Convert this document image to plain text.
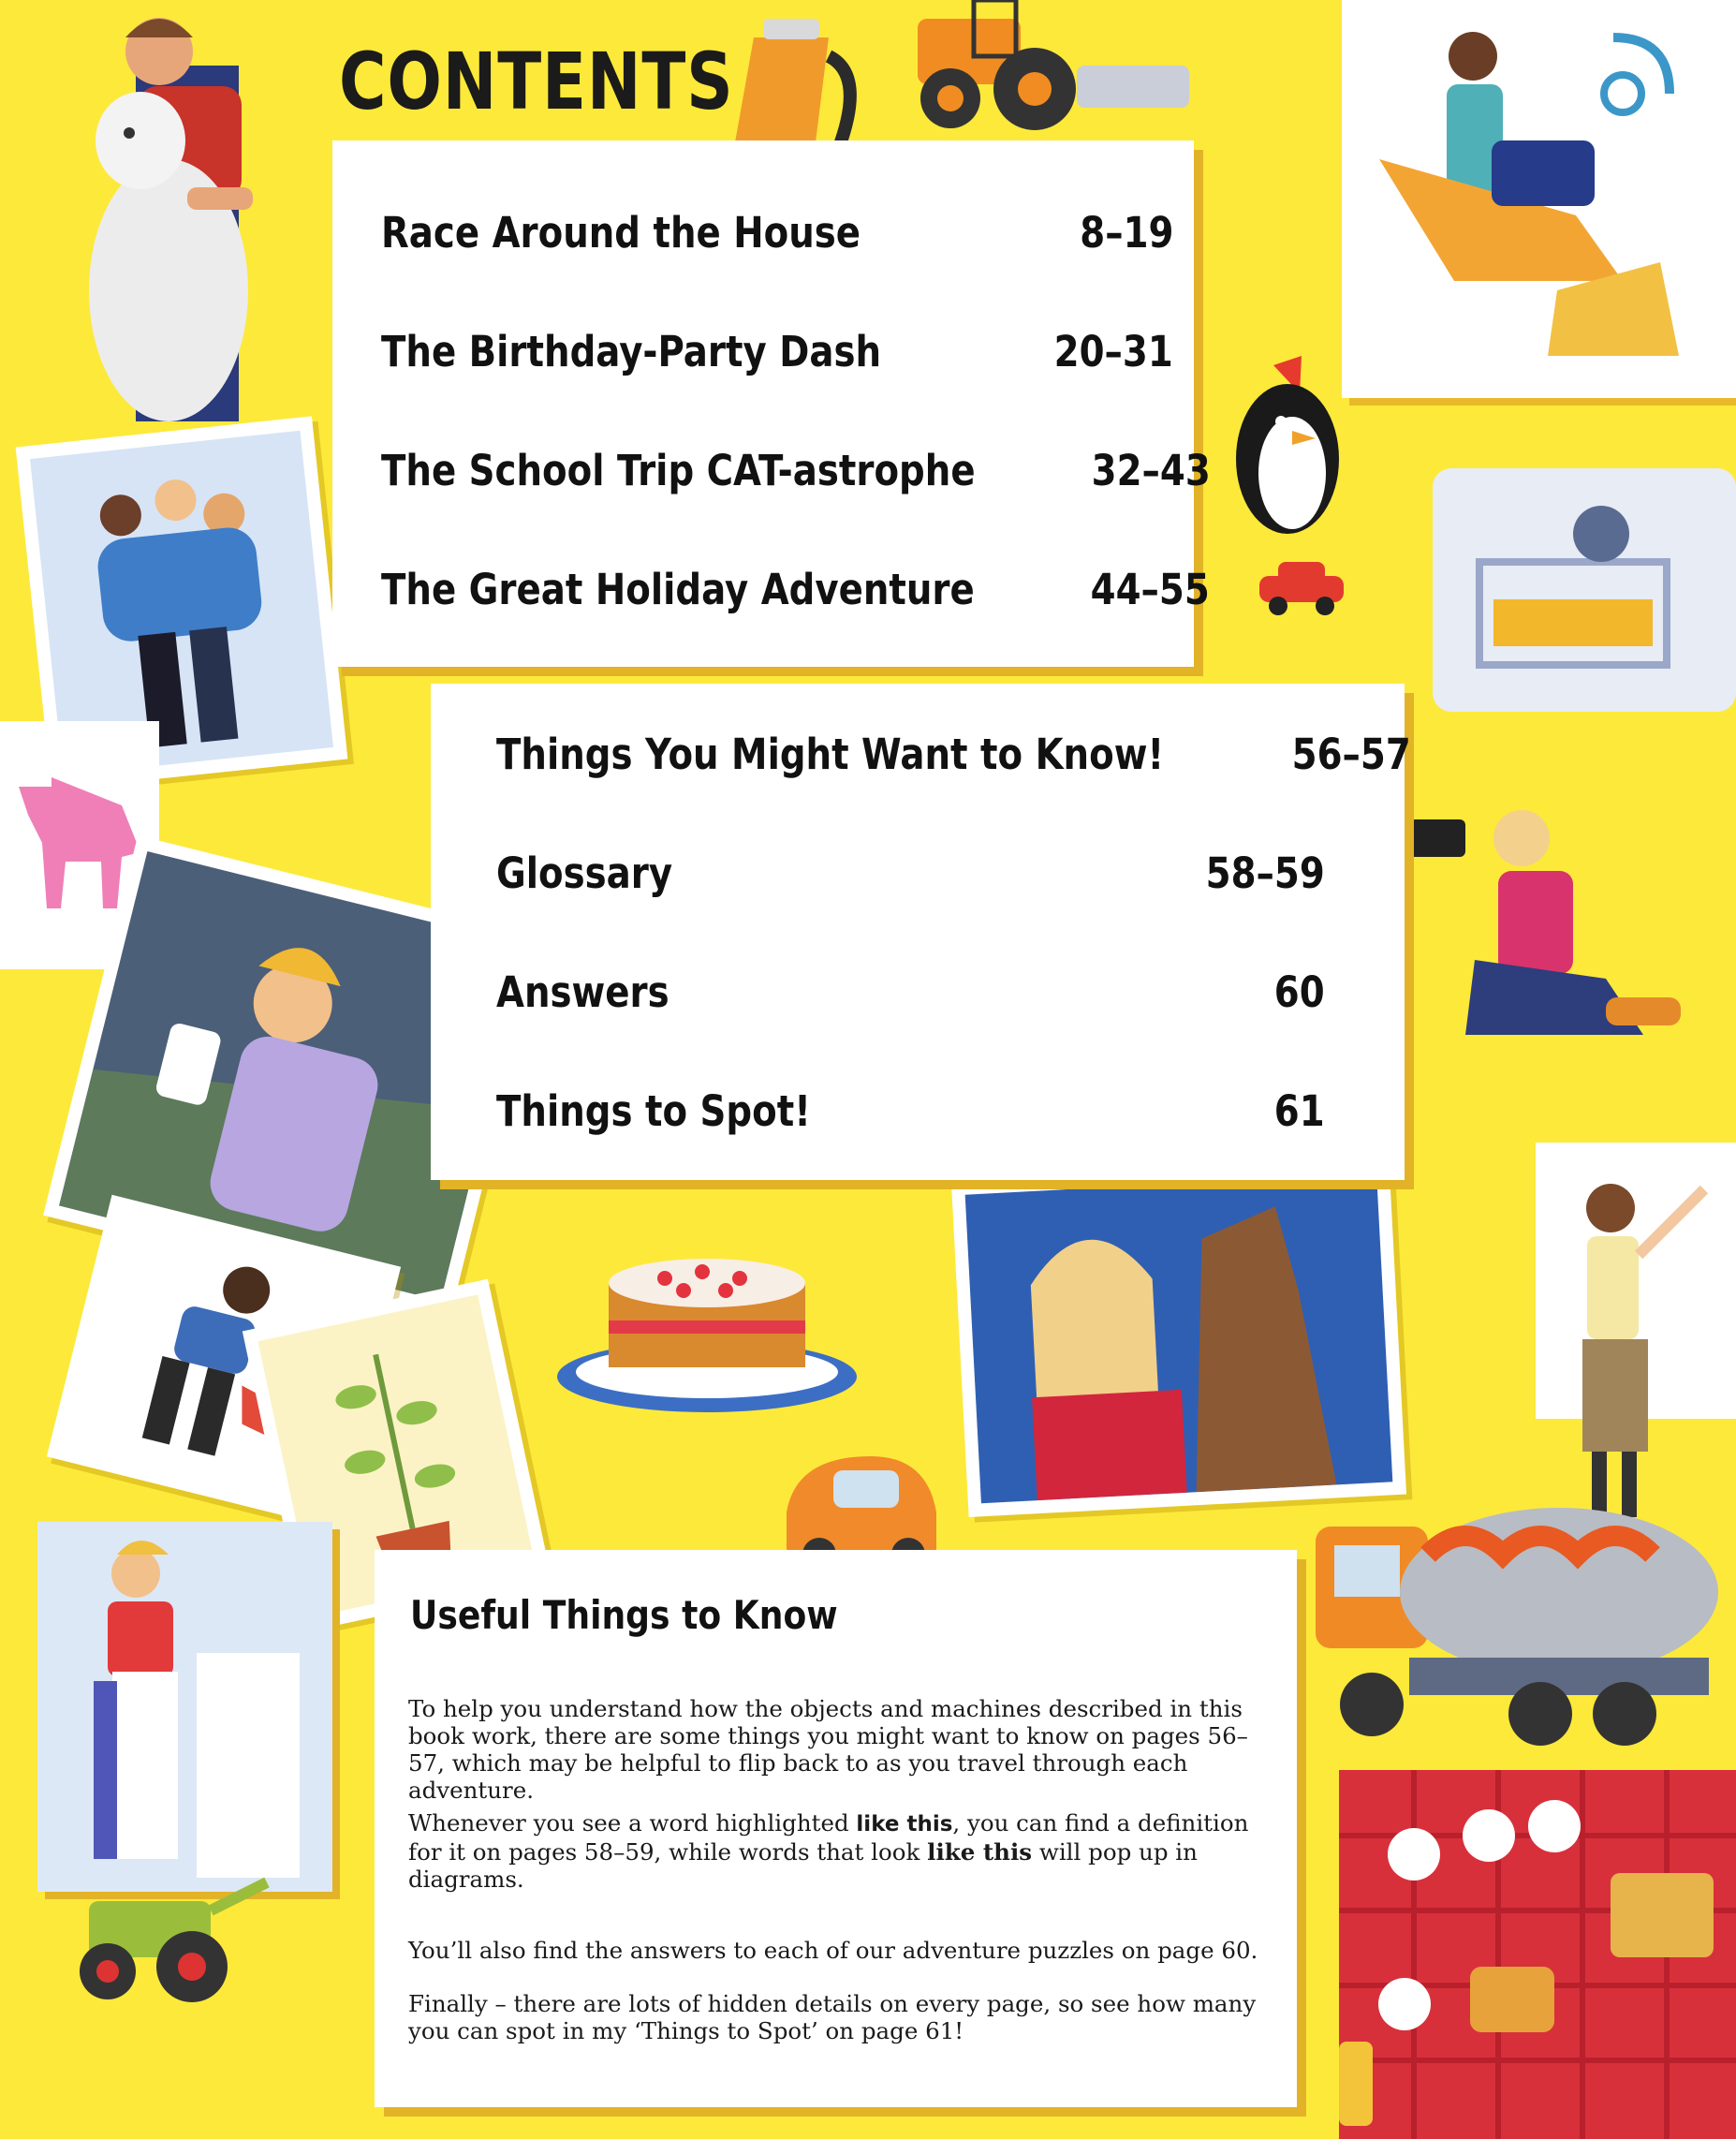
CONTENTS
Race Around the House	8–19
The Birthday-Party Dash	20–31
The School Trip CAT-astrophe	32–43
The Great Holiday Adventure	44–55
Things You Might Want to Know!	56–57
Glossary	58–59
Answers	60
Things to Spot!	61
Useful Things to Know

To help you understand how the objects and machines described in this book work, there are some things you might want to know on pages 56–57, which may be helpful to flip back to as you travel through each adventure.

Whenever you see a word highlighted like this, you can find a definition for it on pages 58–59, while words that look like this will pop up in diagrams.

You’ll also find the answers to each of our adventure puzzles on page 60.

Finally – there are lots of hidden details on every page, so see how many you can spot in my ‘Things to Spot’ on page 61!
